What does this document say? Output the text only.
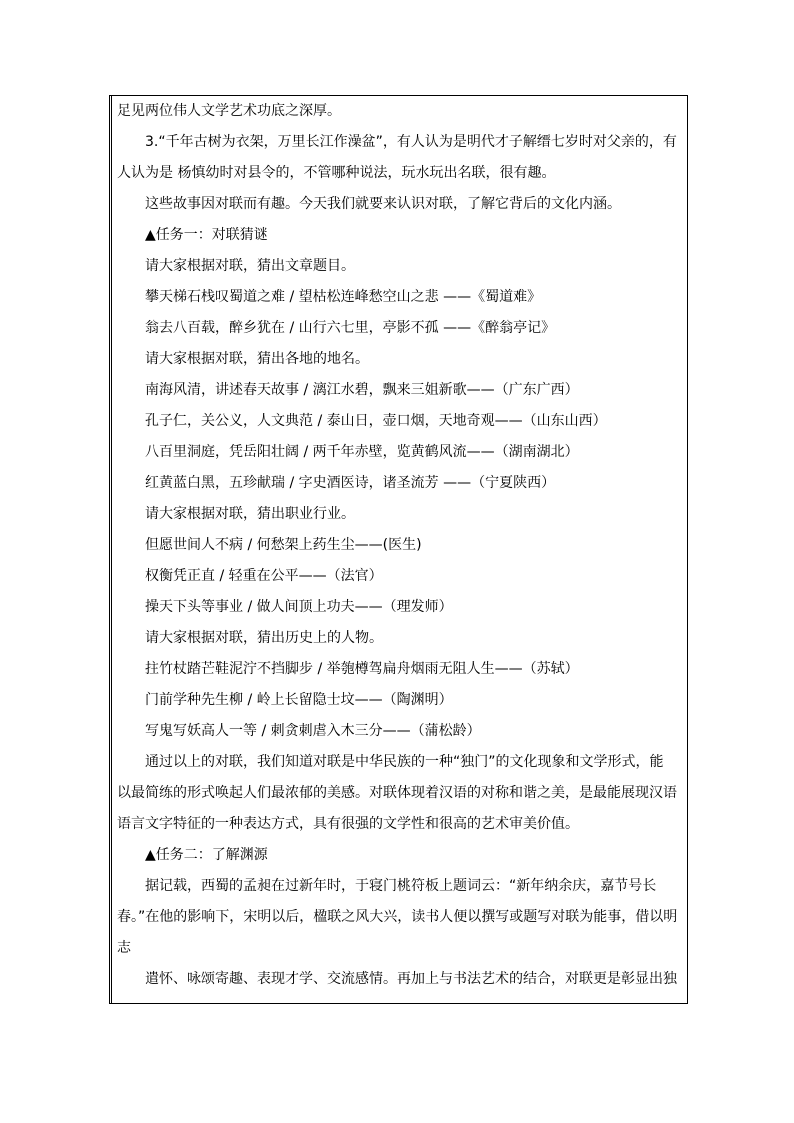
足见两位伟人文学艺术功底之深厚。
3.“千年古树为衣架，万里长江作澡盆”，有人认为是明代才子解缙七岁时对父亲的，有
人认为是 杨慎幼时对县令的，不管哪种说法，玩水玩出名联，很有趣。
这些故事因对联而有趣。今天我们就要来认识对联，了解它背后的文化内涵。
▲任务一：对联猜谜
请大家根据对联，猜出文章题目。
攀天梯石栈叹蜀道之难 / 望枯松连峰愁空山之悲 ——《蜀道难》
翁去八百载，醉乡犹在 / 山行六七里，亭影不孤 ——《醉翁亭记》
请大家根据对联，猜出各地的地名。
南海风清，讲述春天故事 / 漓江水碧，飘来三姐新歌——（广东广西）
孔子仁，关公义，人文典范 / 泰山日，壶口烟，天地奇观——（山东山西）
八百里洞庭，凭岳阳壮阔 / 两千年赤壁，览黄鹤风流——（湖南湖北）
红黄蓝白黑，五珍献瑞 / 字史酒医诗，诸圣流芳 ——（宁夏陕西）
请大家根据对联，猜出职业行业。
但愿世间人不病 / 何愁架上药生尘——(医生)
权衡凭正直 / 轻重在公平——（法官）
操天下头等事业 / 做人间顶上功夫——（理发师）
请大家根据对联，猜出历史上的人物。
拄竹杖踏芒鞋泥泞不挡脚步 / 举匏樽驾扁舟烟雨无阻人生——（苏轼）
门前学种先生柳 / 岭上长留隐士坟——（陶渊明）
写鬼写妖高人一等 / 刺贪刺虐入木三分——（蒲松龄）
通过以上的对联，我们知道对联是中华民族的一种“独门”的文化现象和文学形式，能
以最简练的形式唤起人们最浓郁的美感。对联体现着汉语的对称和谐之美，是最能展现汉语
语言文字特征的一种表达方式，具有很强的文学性和很高的艺术审美价值。
▲任务二：了解渊源
据记载，西蜀的孟昶在过新年时，于寝门桃符板上题词云：“新年纳余庆，嘉节号长
春。”在他的影响下，宋明以后，楹联之风大兴，读书人便以撰写或题写对联为能事，借以明
志
遣怀、咏颂寄趣、表现才学、交流感情。再加上与书法艺术的结合，对联更是彰显出独
